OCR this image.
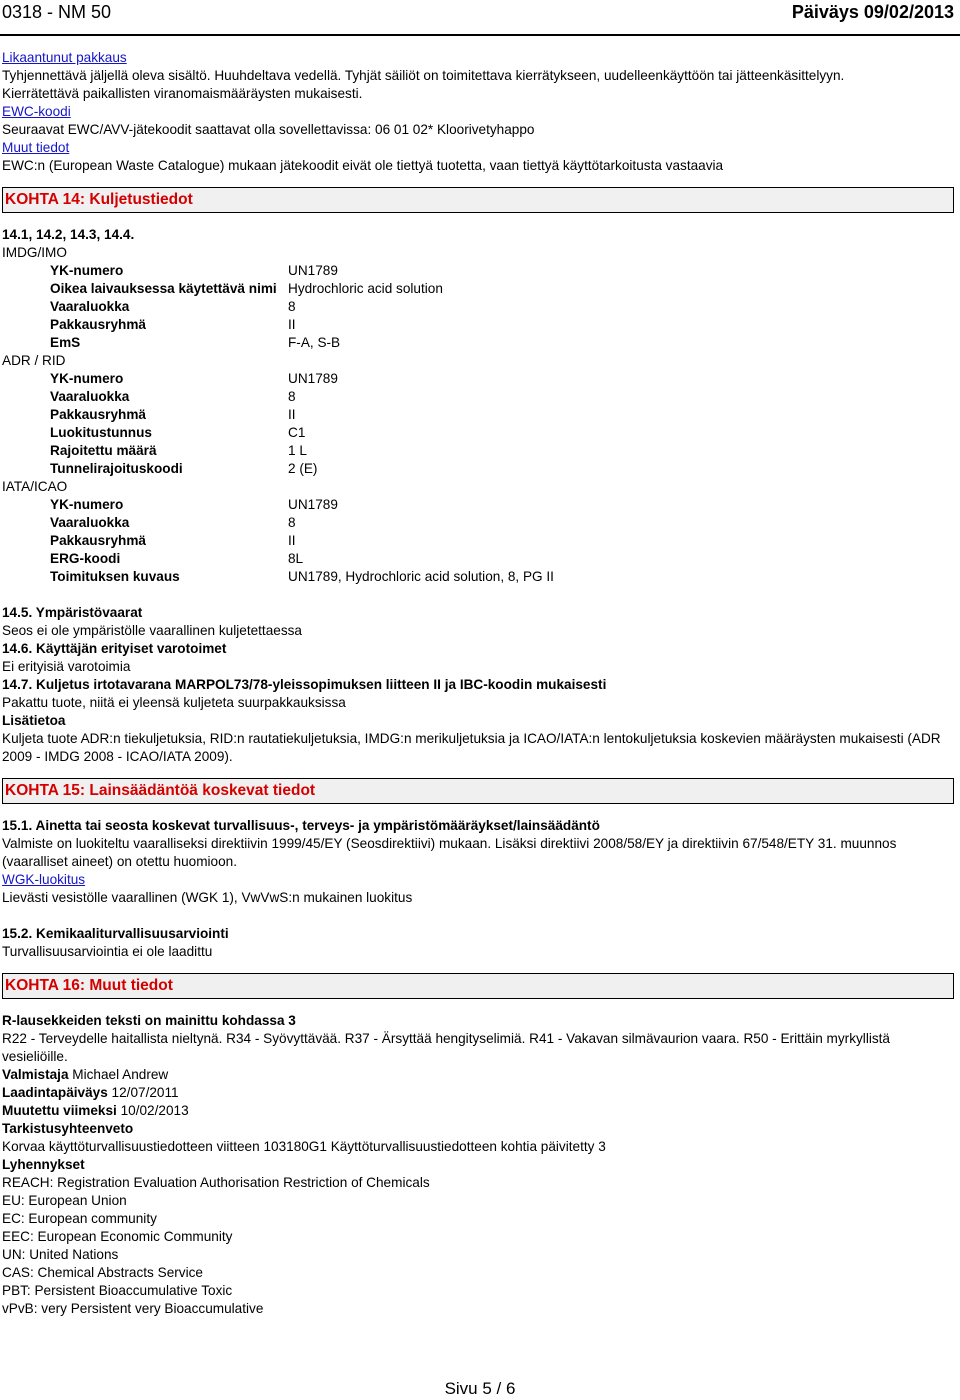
0318 - NM 50	Päiväys 09/02/2013

Likaantunut pakkaus

Tyhjennettävä jäljellä oleva sisältö. Huuhdeltava vedellä. Tyhjät säiliöt on toimitettava kierrätykseen, uudelleenkäyttöön tai jätteenkäsittelyyn.

Kierrätettävä paikallisten viranomaismääräysten mukaisesti.

EWC-koodi

Seuraavat EWC/AVV-jätekoodit saattavat olla sovellettavissa: 06 01 02* Kloorivetyhappo

Muut tiedot

EWC:n (European Waste Catalogue) mukaan jätekoodit eivät ole tiettyä tuotetta, vaan tiettyä käyttötarkoitusta vastaavia

KOHTA 14: Kuljetustiedot

14.1, 14.2, 14.3, 14.4.

IMDG/IMO

YK-numero	UN1789
Oikea laivauksessa käytettävä nimi Hydrochloric acid solution
Vaaraluokka	8
Pakkausryhmä	II
EmS	F-A, S-B

ADR / RID

YK-numero	UN1789
Vaaraluokka	8
Pakkausryhmä	II
Luokitustunnus	C1
Rajoitettu määrä	1 L
Tunnelirajoituskoodi	2 (E)

IATA/ICAO

YK-numero	UN1789
Vaaraluokka	8
Pakkausryhmä	II
ERG-koodi	8L
Toimituksen kuvaus	UN1789, Hydrochloric acid solution, 8, PG II

14.5. Ympäristövaarat

Seos ei ole ympäristölle vaarallinen kuljetettaessa

14.6. Käyttäjän erityiset varotoimet

Ei erityisiä varotoimia

14.7. Kuljetus irtotavarana MARPOL73/78-yleissopimuksen liitteen II ja IBC-koodin mukaisesti

Pakattu tuote, niitä ei yleensä kuljeteta suurpakkauksissa

Lisätietoa

Kuljeta tuote ADR:n tiekuljetuksia, RID:n rautatiekuljetuksia, IMDG:n merikuljetuksia ja ICAO/IATA:n lentokuljetuksia koskevien määräysten mukaisesti (ADR 2009 - IMDG 2008 - ICAO/IATA 2009).

KOHTA 15: Lainsäädäntöä koskevat tiedot

15.1. Ainetta tai seosta koskevat turvallisuus-, terveys- ja ympäristömääräykset/lainsäädäntö

Valmiste on luokiteltu vaaralliseksi direktiivin 1999/45/EY (Seosdirektiivi) mukaan. Lisäksi direktiivi 2008/58/EY ja direktiivin 67/548/ETY 31. muunnos (vaaralliset aineet) on otettu huomioon.

WGK-luokitus

Lievästi vesistölle vaarallinen (WGK 1), VwVwS:n mukainen luokitus

15.2. Kemikaaliturvallisuusarviointi

Turvallisuusarviointia ei ole laadittu

KOHTA 16: Muut tiedot

R-lausekkeiden teksti on mainittu kohdassa 3

R22 - Terveydelle haitallista nieltynä. R34 - Syövyttävää. R37 - Ärsyttää hengityselimiä. R41 - Vakavan silmävaurion vaara. R50 - Erittäin myrkyllistä vesieliöille.

Valmistaja Michael Andrew

Laadintapäiväys 12/07/2011

Muutettu viimeksi 10/02/2013

Tarkistusyhteenveto

Korvaa käyttöturvallisuustiedotteen viitteen 103180G1 Käyttöturvallisuustiedotteen kohtia päivitetty 3

Lyhennykset

REACH: Registration Evaluation Authorisation Restriction of Chemicals

EU: European Union

EC: European community

EEC: European Economic Community

UN: United Nations

CAS: Chemical Abstracts Service

PBT: Persistent Bioaccumulative Toxic

vPvB: very Persistent very Bioaccumulative

Sivu 5 / 6
